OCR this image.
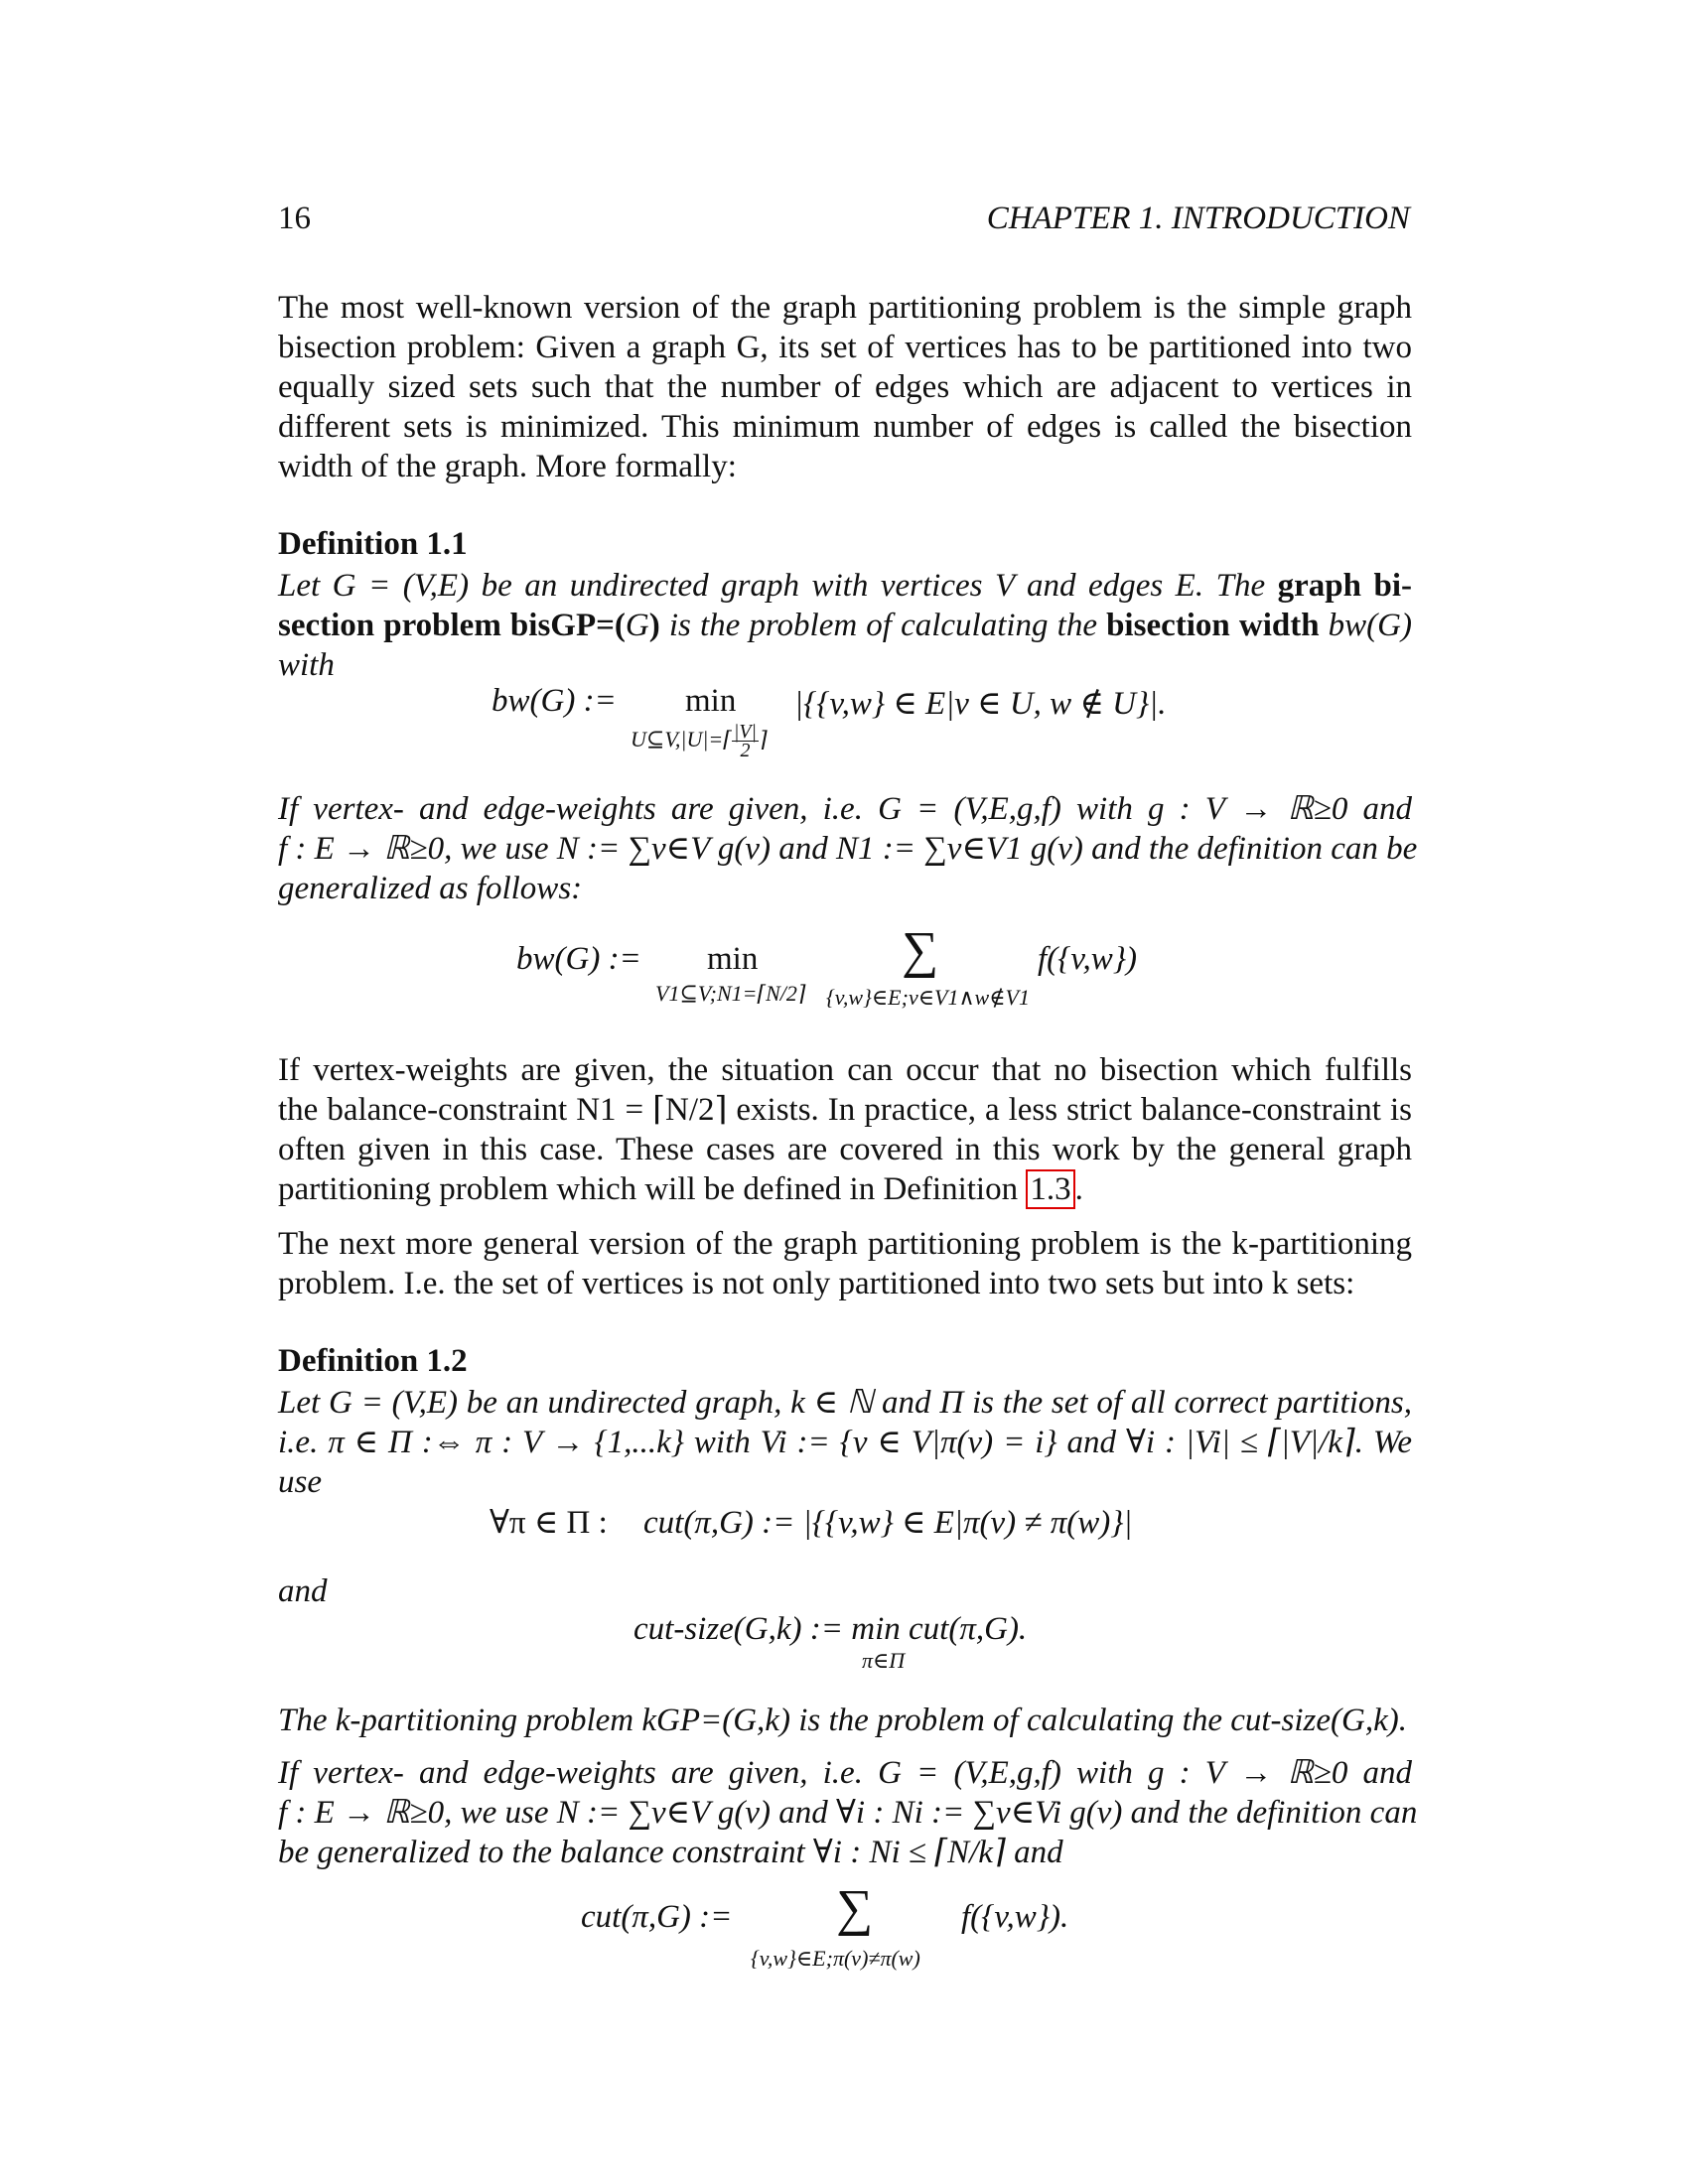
16	CHAPTER 1. INTRODUCTION
The most well-known version of the graph partitioning problem is the simple graph
bisection problem: Given a graph G, its set of vertices has to be partitioned into two
equally sized sets such that the number of edges which are adjacent to vertices in
different sets is minimized. This minimum number of edges is called the bisection
width of the graph. More formally:
Definition 1.1
Let G = (V,E) be an undirected graph with vertices V and edges E. The graph bi-
section problem bisGP=(G) is the problem of calculating the bisection width bw(G)
with
bw(G) := min |{{v,w} ∈ E|v ∈ U, w ∉ U}|.
U⊆V,|U|=⌈ $\frac{|V|}{2}$ ⌉
If vertex- and edge-weights are given, i.e. G = (V,E,g,f) with g : V → ℝ≥0 and
f : E → ℝ≥0, we use N := ∑v∈V g(v) and N1 := ∑v∈V1 g(v) and the definition can be
generalized as follows:
bw(G) := min	∑	f({v,w})
V1⊆V;N1=⌈N/2⌉ {v,w}∈E;v∈V1∧w∉V1
If vertex-weights are given, the situation can occur that no bisection which fulfills
the balance-constraint N1 = ⌈N/2⌉ exists. In practice, a less strict balance-constraint is
often given in this case. These cases are covered in this work by the general graph
partitioning problem which will be defined in Definition 1.3 .
The next more general version of the graph partitioning problem is the k-partitioning
problem. I.e. the set of vertices is not only partitioned into two sets but into k sets:
Definition 1.2
Let G = (V,E) be an undirected graph, k ∈ ℕ and Π is the set of all correct partitions,
i.e. π ∈ Π :⇔ π : V → {1,...k} with Vi := {v ∈ V|π(v) = i} and ∀i : |Vi| ≤ ⌈|V|/k⌉. We
use
∀π ∈ Π : cut(π,G) := |{{v,w} ∈ E|π(v) ≠ π(w)}|
and
cut-size(G,k) := min cut(π,G).
π∈Π
The k-partitioning problem kGP=(G,k) is the problem of calculating the cut-size(G,k).
If vertex- and edge-weights are given, i.e. G = (V,E,g,f) with g : V → ℝ≥0 and
f : E → ℝ≥0, we use N := ∑v∈V g(v) and ∀i : Ni := ∑v∈Vi g(v) and the definition can
be generalized to the balance constraint ∀i : Ni ≤ ⌈N/k⌉ and
cut(π,G) := ∑	f({v,w}).
{v,w}∈E;π(v)≠π(w)
